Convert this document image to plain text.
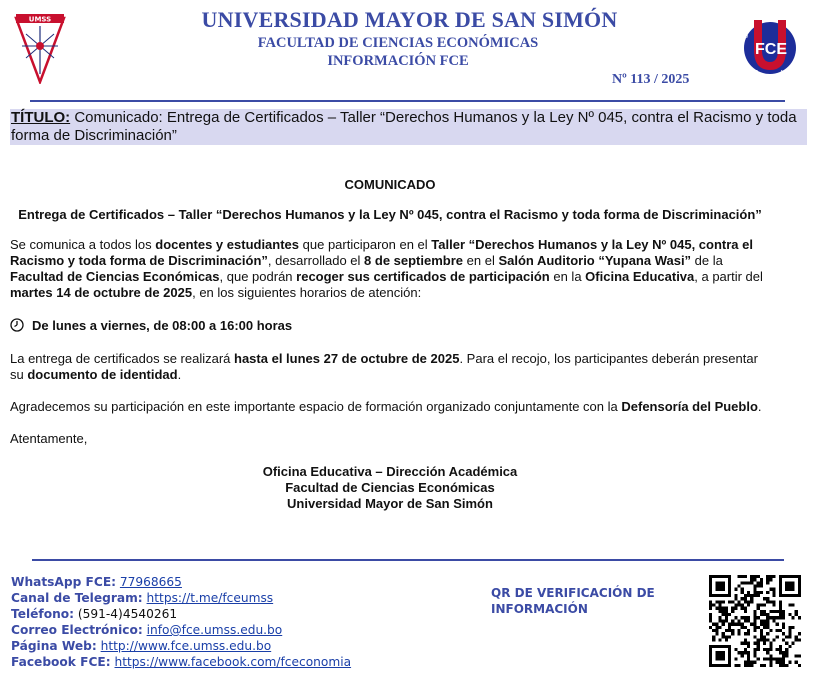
UMSS	UNIVERSIDAD MAYOR DE SAN SIMÓN
FACULTAD DE CIENCIAS ECONÓMICAS
INFORMACIÓN FCE
Nº 113 / 2025
FCE
UMSS
CCP
ECO
ADM
TÍTULO: Comunicado: Entrega de Certificados – Taller “Derechos Humanos y la Ley Nº 045, contra el Racismo y toda forma de Discriminación”

COMUNICADO

Entrega de Certificados – Taller “Derechos Humanos y la Ley Nº 045, contra el Racismo y toda forma de Discriminación”

Se comunica a todos los docentes y estudiantes que participaron en el Taller “Derechos Humanos y la Ley Nº 045, contra el Racismo y toda forma de Discriminación”, desarrollado el 8 de septiembre en el Salón Auditorio “Yupana Wasi” de la Facultad de Ciencias Económicas, que podrán recoger sus certificados de participación en la Oficina Educativa, a partir del martes 14 de octubre de 2025, en los siguientes horarios de atención:

De lunes a viernes, de 08:00 a 16:00 horas

La entrega de certificados se realizará hasta el lunes 27 de octubre de 2025. Para el recojo, los participantes deberán presentar su documento de identidad.

Agradecemos su participación en este importante espacio de formación organizado conjuntamente con la Defensoría del Pueblo.

Atentamente,

Oficina Educativa – Dirección Académica
Facultad de Ciencias Económicas
Universidad Mayor de San Simón
WhatsApp FCE: 77968665
Canal de Telegram: https://t.me/fceumss
Teléfono: (591-4)4540261
Correo Electrónico: info@fce.umss.edu.bo
Página Web: http://www.fce.umss.edu.bo
Facebook FCE: https://www.facebook.com/fceconomia
QR DE VERIFICACIÓN DE INFORMACIÓN
